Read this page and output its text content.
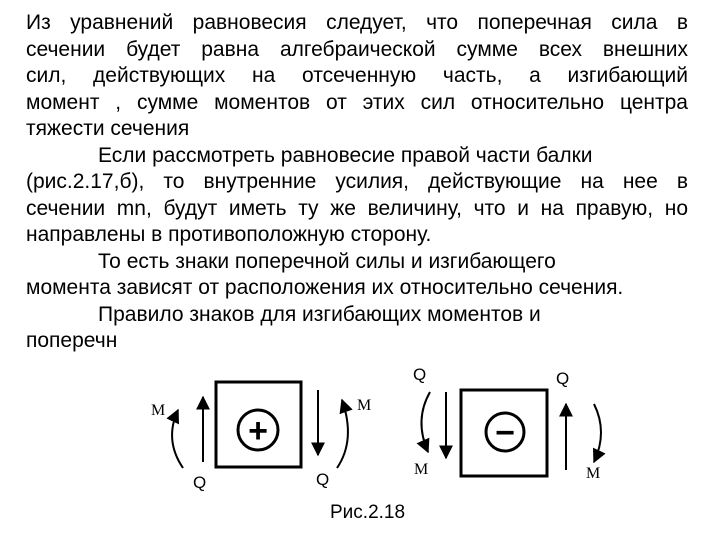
Из уравнений равновесия следует, что поперечная сила в
сечении будет равна алгебраической сумме всех внешних
сил, действующих на отсеченную часть, а изгибающий
момент , сумме моментов от этих сил относительно центра
тяжести сечения
Если рассмотреть равновесие правой части балки
(рис.2.17,б), то внутренние усилия, действующие на нее в
сечении mn, будут иметь ту же величину, что и на правую, но
направлены в противоположную сторону.
То есть знаки поперечной силы и изгибающего
момента зависят от расположения их относительно сечения.
Правило знаков для изгибающих моментов и
поперечн
+
M	M
Q	Q
−
Q	Q
M	M
Рис.2.18
